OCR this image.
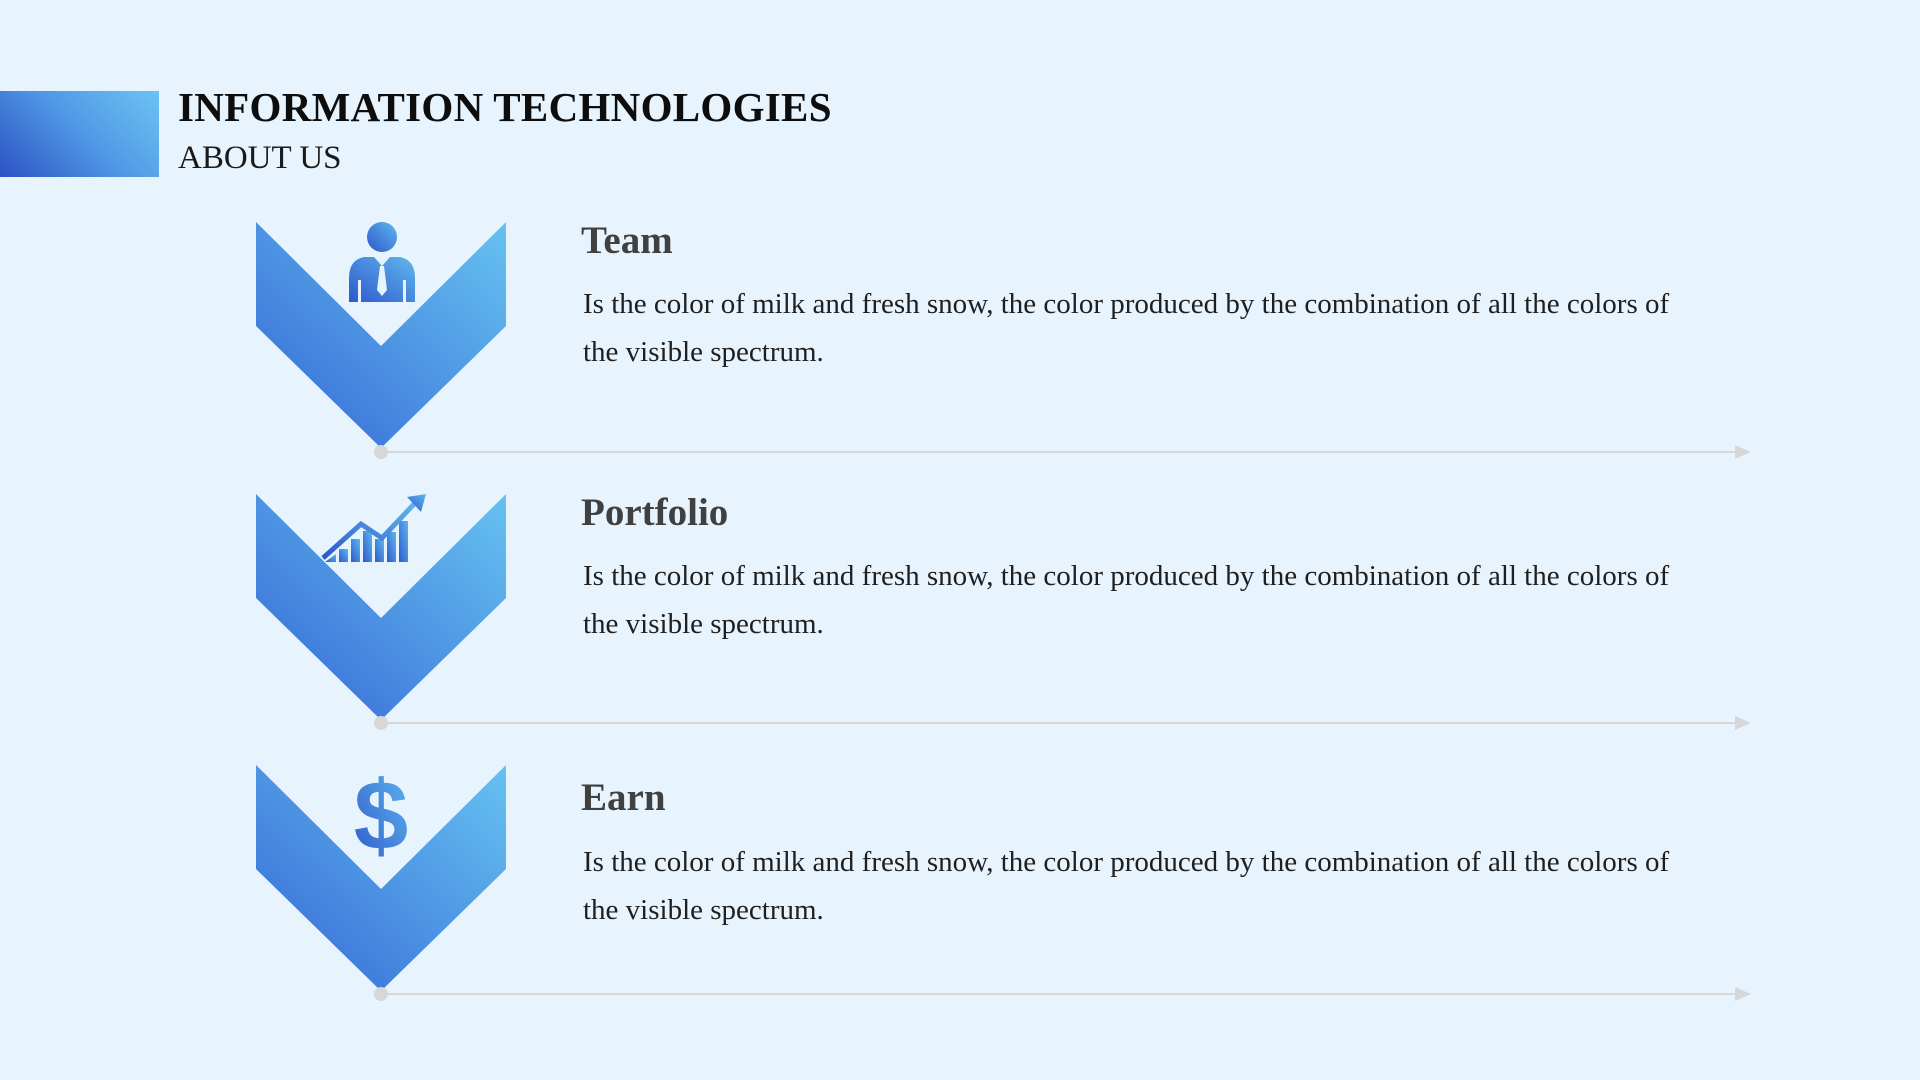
INFORMATION TECHNOLOGIES
ABOUT US
Team
Is the color of milk and fresh snow, the color produced by the combination of all the colors of the visible spectrum.
Portfolio
Is the color of milk and fresh snow, the color produced by the combination of all the colors of the visible spectrum.
$	Earn
Is the color of milk and fresh snow, the color produced by the combination of all the colors of the visible spectrum.
